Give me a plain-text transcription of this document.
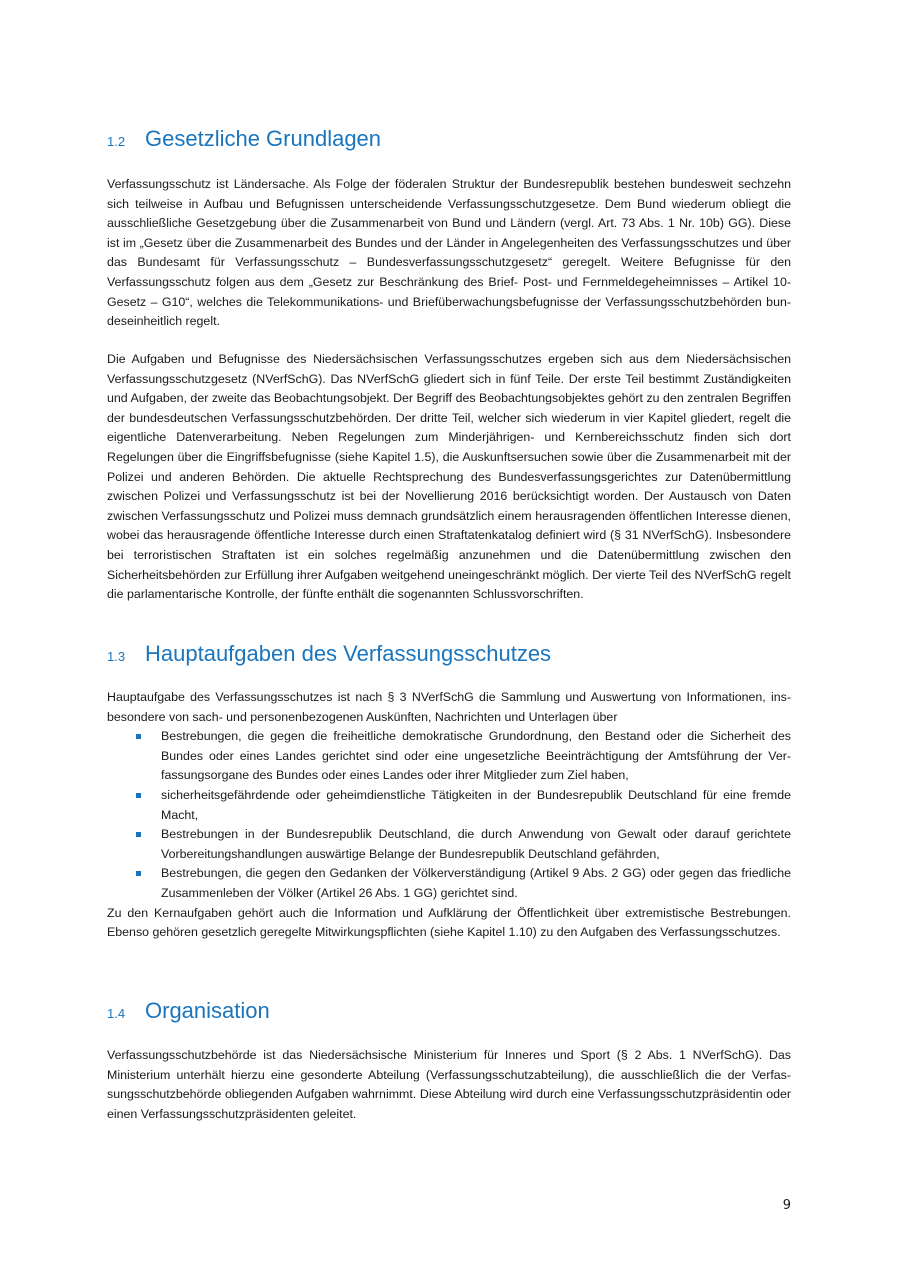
1.2 Gesetzliche Grundlagen

Verfassungsschutz ist Ländersache. Als Folge der föderalen Struktur der Bundesrepublik bestehen bundesweit sechzehn sich teilweise in Aufbau und Befugnissen unterscheidende Verfassungsschutzgesetze. Dem Bund wiederum obliegt die ausschließliche Gesetzgebung über die Zusammenarbeit von Bund und Ländern (vergl. Art. 73 Abs. 1 Nr. 10b) GG). Diese ist im „Gesetz über die Zusammenarbeit des Bundes und der Länder in Angelegenheiten des Verfassungsschutzes und über das Bundesamt für Verfassungsschutz – Bundesverfassungsschutzgesetz“ geregelt. Weitere Befugnisse für den Verfassungsschutz folgen aus dem „Gesetz zur Beschränkung des Brief- Post- und Fernmeldegeheimnisses – Artikel 10-Gesetz – G10“, welches die Telekommunikations- und Briefüberwachungsbefugnisse der Verfassungsschutzbehörden bundeseinheitlich regelt.

Die Aufgaben und Befugnisse des Niedersächsischen Verfassungsschutzes ergeben sich aus dem Niedersächsischen Verfassungsschutzgesetz (NVerfSchG). Das NVerfSchG gliedert sich in fünf Teile. Der erste Teil bestimmt Zuständigkeiten und Aufgaben, der zweite das Beobachtungsobjekt. Der Begriff des Beobachtungsobjektes gehört zu den zentralen Begriffen der bundesdeutschen Verfassungsschutzbehörden. Der dritte Teil, welcher sich wiederum in vier Kapitel gliedert, regelt die eigentliche Datenverarbeitung. Neben Regelungen zum Minderjährigen- und Kernbereichsschutz finden sich dort Regelungen über die Eingriffsbefugnisse (siehe Kapitel 1.5), die Auskunftsersuchen sowie über die Zusammenarbeit mit der Polizei und anderen Behörden. Die aktuelle Rechtsprechung des Bundesverfassungsgerichtes zur Datenübermittlung zwischen Polizei und Verfassungsschutz ist bei der Novellierung 2016 berücksichtigt worden. Der Austausch von Daten zwischen Verfassungsschutz und Polizei muss demnach grundsätzlich einem herausragenden öffentlichen Interesse dienen, wobei das herausragende öffentliche Interesse durch einen Straftatenkatalog definiert wird (§ 31 NVerfSchG). Insbesondere bei terroristischen Straftaten ist ein solches regelmäßig anzunehmen und die Datenübermittlung zwischen den Sicherheitsbehörden zur Erfüllung ihrer Aufgaben weitgehend uneingeschränkt möglich. Der vierte Teil des NVerfSchG regelt die parlamentarische Kontrolle, der fünfte enthält die sogenannten Schlussvorschriften.

1.3 Hauptaufgaben des Verfassungsschutzes

Hauptaufgabe des Verfassungsschutzes ist nach § 3 NVerfSchG die Sammlung und Auswertung von Informationen, insbesondere von sach- und personenbezogenen Auskünften, Nachrichten und Unterlagen über

Bestrebungen, die gegen die freiheitliche demokratische Grundordnung, den Bestand oder die Sicherheit des Bundes oder eines Landes gerichtet sind oder eine ungesetzliche Beeinträchtigung der Amtsführung der Verfassungsorgane des Bundes oder eines Landes oder ihrer Mitglieder zum Ziel haben,
sicherheitsgefährdende oder geheimdienstliche Tätigkeiten in der Bundesrepublik Deutschland für eine fremde Macht,
Bestrebungen in der Bundesrepublik Deutschland, die durch Anwendung von Gewalt oder darauf gerichtete Vorbereitungshandlungen auswärtige Belange der Bundesrepublik Deutschland gefährden,
Bestrebungen, die gegen den Gedanken der Völkerverständigung (Artikel 9 Abs. 2 GG) oder gegen das friedliche Zusammenleben der Völker (Artikel 26 Abs. 1 GG) gerichtet sind.

Zu den Kernaufgaben gehört auch die Information und Aufklärung der Öffentlichkeit über extremistische Bestrebungen. Ebenso gehören gesetzlich geregelte Mitwirkungspflichten (siehe Kapitel 1.10) zu den Aufgaben des Verfassungsschutzes.

1.4 Organisation

Verfassungsschutzbehörde ist das Niedersächsische Ministerium für Inneres und Sport (§ 2 Abs. 1 NVerfSchG). Das Ministerium unterhält hierzu eine gesonderte Abteilung (Verfassungsschutzabteilung), die ausschließlich die der Verfassungsschutzbehörde obliegenden Aufgaben wahrnimmt. Diese Abteilung wird durch eine Verfassungsschutzpräsidentin oder einen Verfassungsschutzpräsidenten geleitet.

9
